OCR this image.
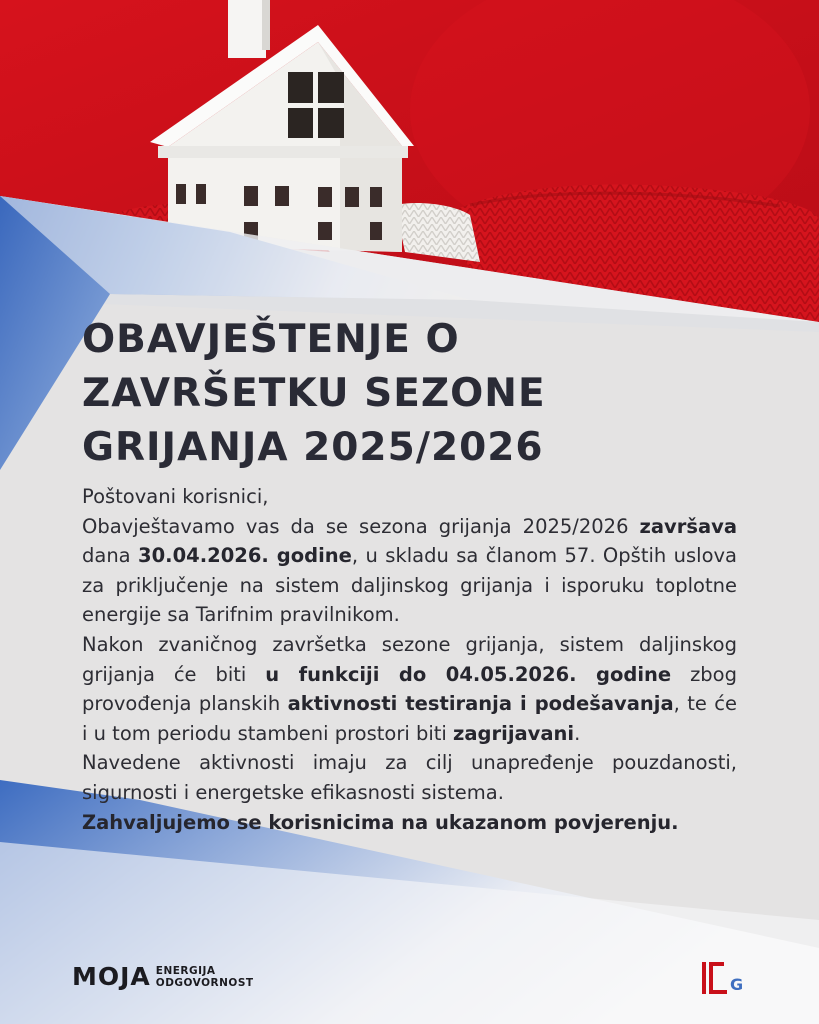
OBAVJEŠTENJE O
ZAVRŠETKU SEZONE
GRIJANJA 2025/2026

Poštovani korisnici,

Obavještavamo vas da se sezona grijanja 2025/2026 završava dana 30.04.2026. godine, u skladu sa članom 57. Opštih uslova za priključenje na sistem daljinskog grijanja i isporuku toplotne energije sa Tarifnim pravilnikom.

Nakon zvaničnog završetka sezone grijanja, sistem daljinskog grijanja će biti u funkciji do 04.05.2026. godine zbog provođenja planskih aktivnosti testiranja i podešavanja, te će i u tom periodu stambeni prostori biti zagrijavani.

Navedene aktivnosti imaju za cilj unapređenje pouzdanosti, sigurnosti i energetske efikasnosti sistema.

Zahvaljujemo se korisnicima na ukazanom povjerenju.

MOJA ENERGIJA
ODGOVORNOST	G
